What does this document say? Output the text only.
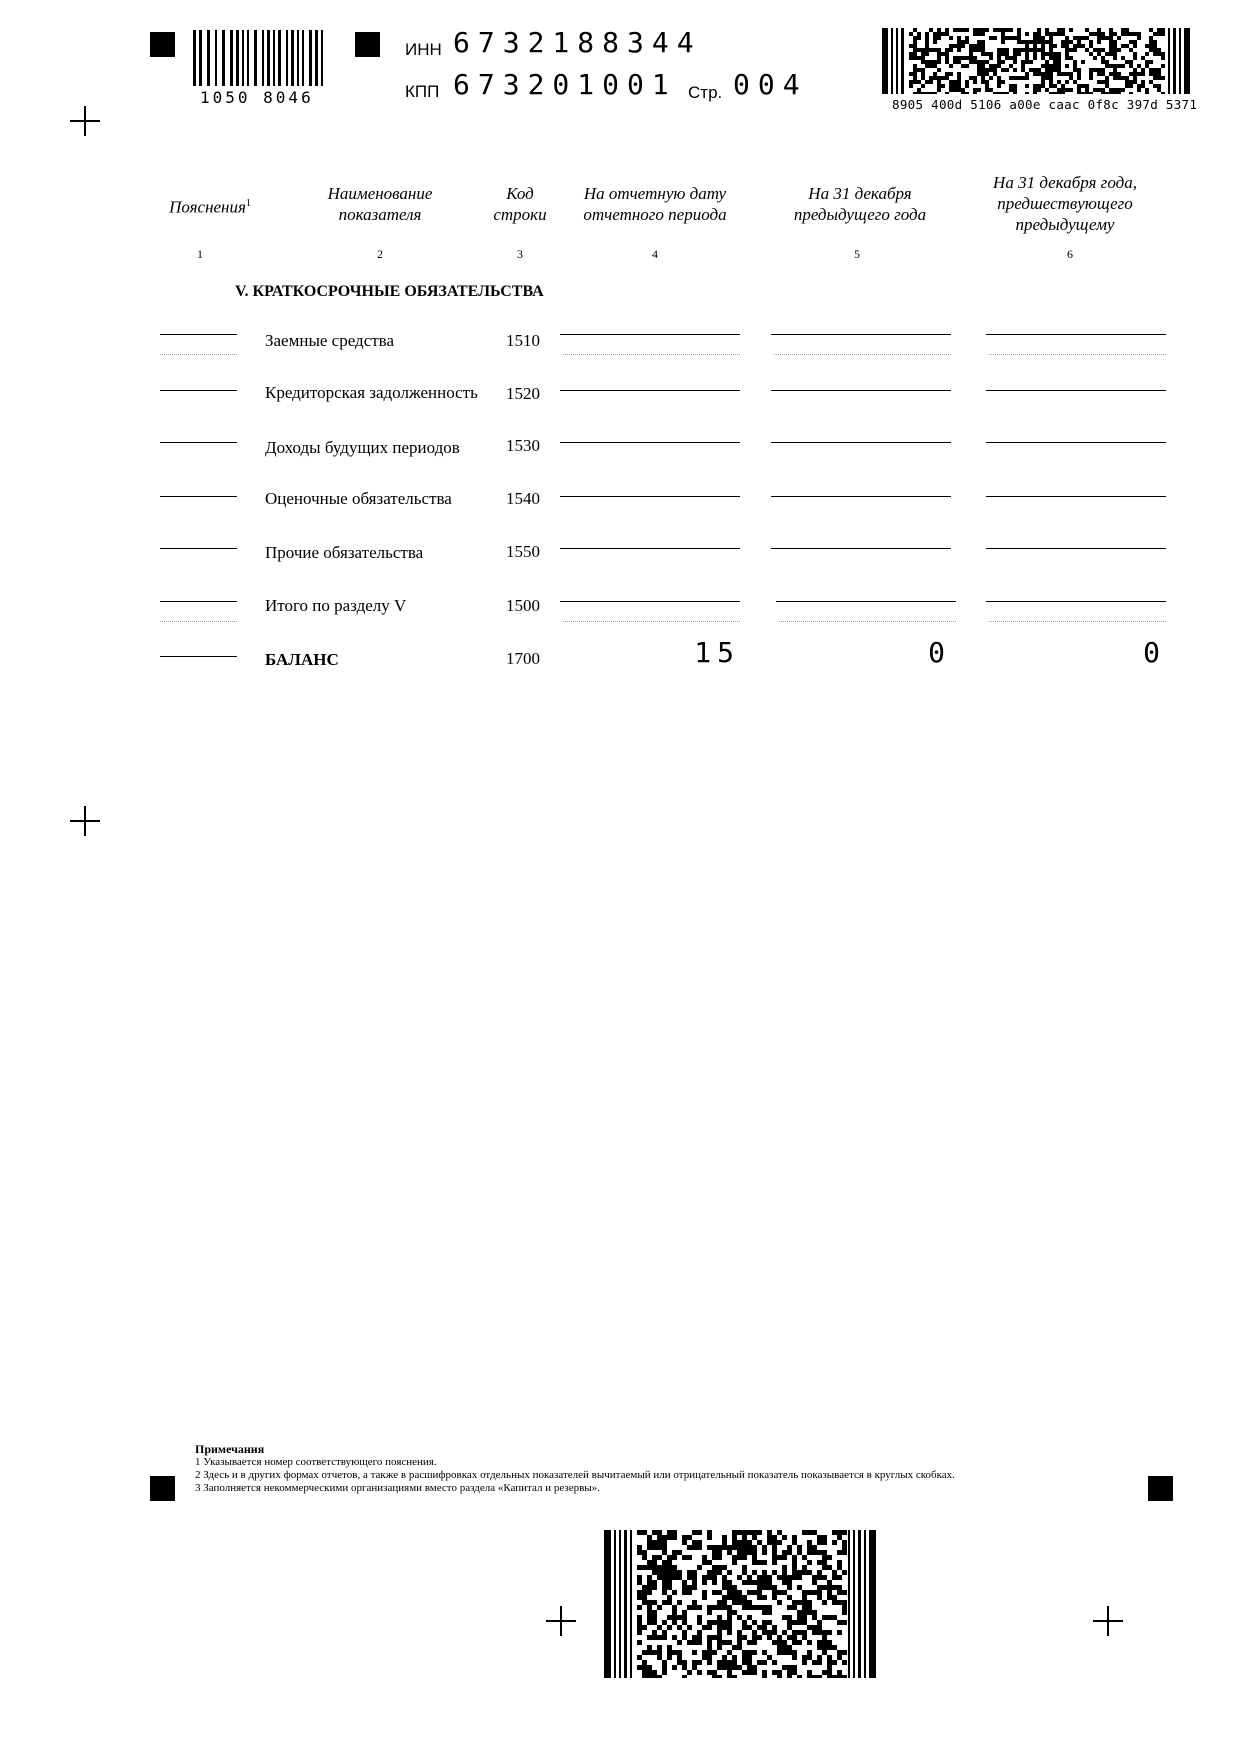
1050 8046
ИНН 6732188344
КПП 673201001 Стр. 004
8905 400d 5106 a00e caac 0f8c 397d 5371
Пояснения$^1$
Наименование
показателя
Код
строки
На отчетную дату
отчетного периода
На 31 декабря
предыдущего года
На 31 декабря года,
предшествующего
предыдущему
1	2	3	4	5	6
V. КРАТКОСРОЧНЫЕ ОБЯЗАТЕЛЬСТВА
Заемные средства	1510
Кредиторская задолженность 1520
Доходы будущих периодов	1530
Оценочные обязательства	1540
Прочие обязательства	1550
Итого по разделу V	1500
БАЛАНС	1700	15	0	0
Примечания
1 Указывается номер соответствующего пояснения.
2 Здесь и в других формах отчетов, а также в расшифровках отдельных показателей вычитаемый или отрицательный показатель показывается в круглых скобках.
3 Заполняется некоммерческими организациями вместо раздела «Капитал и резервы».
